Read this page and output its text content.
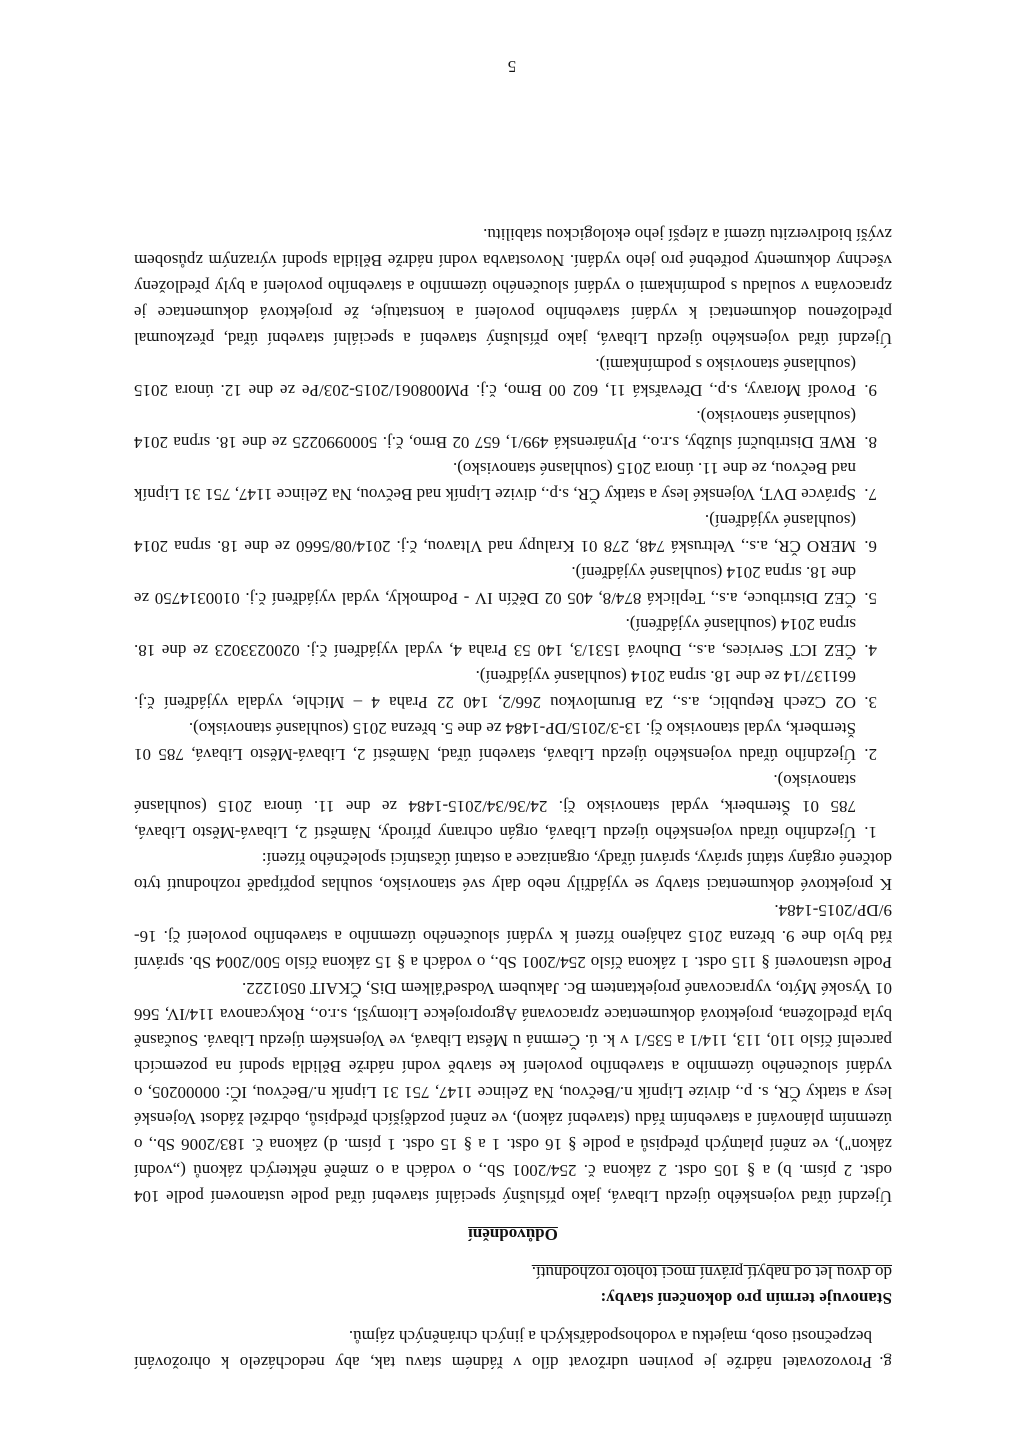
g.

Provozovatel nádrže je povinen udržovat dílo v řádném stavu tak, aby nedocházelo k ohrožování bezpečnosti osob, majetku a vodohospodářských a jiných chráněných zájmů.

Stanovuje termín pro dokončení stavby:

do dvou let od nabytí právní moci tohoto rozhodnutí.

Odůvodnění

Újezdní úřad vojenského újezdu Libavá, jako příslušný speciální stavební úřad podle ustanovení podle 104 odst. 2 písm. b) a § 105 odst. 2 zákona č. 254/2001 Sb., o vodách a o změně některých zákonů („vodní zákon"), ve znění platných předpisů a podle § 16 odst. 1 a § 15 odst. 1 písm. d) zákona č. 183/2006 Sb., o územním plánování a stavebním řádu (stavební zákon), ve znění pozdějších předpisů, obdržel žádost Vojenské lesy a statky ČR, s. p., divize Lipník n./Bečvou, Na Zelince 1147, 751 31 Lipník n./Bečvou, IČ: 00000205, o vydání sloučeného územního a stavebního povolení ke stavbě vodní nádrže Bělidla spodní na pozemcích parcelní číslo 110, 113, 114/1 a 535/1 v k. ú. Čermná u Města Libavá, ve Vojenském újezdu Libavá. Současně byla předložena, projektová dokumentace zpracovaná Agroprojekce Litomyšl, s.r.o., Rokycanova 114/IV, 566 01 Vysoké Mýto, vypracované projektantem Bc. Jakubem Vodseďálkem DiS, ČKAIT 0501222.

Podle ustanovení § 115 odst. 1 zákona číslo 254/2001 Sb., o vodách a § 15 zákona číslo 500/2004 Sb. správní řád bylo dne 9. března 2015 zahájeno řízení k vydání sloučeného územního a stavebního povolení čj. 16-9/DP/2015-1484.

K projektové dokumentaci stavby se vyjádřily nebo daly své stanovisko, souhlas popřípadě rozhodnutí tyto dotčené orgány státní správy, správní úřady, organizace a ostatní účastníci společného řízení:

1. Újezdního úřadu vojenského újezdu Libavá, orgán ochrany přírody, Náměstí 2, Libavá-Město Libavá, 785 01 Šternberk, vydal stanovisko čj. 24/36/34/2015-1484 ze dne 11. února 2015 (souhlasné stanovisko).
2. Újezdního úřadu vojenského újezdu Libavá, stavební úřad, Náměstí 2, Libavá-Město Libavá, 785 01 Šternberk, vydal stanovisko čj. 13-3/2015/DP-1484 ze dne 5. března 2015 (souhlasné stanovisko).
3. O2 Czech Republic, a.s., Za Brumlovkou 266/2, 140 22 Praha 4 – Michle, vydala vyjádření č.j. 661137/14 ze dne 18. srpna 2014 (souhlasné vyjádření).
4. ČEZ ICT Services, a.s., Duhová 1531/3, 140 53 Praha 4, vydal vyjádření č.j. 0200233023 ze dne 18. srpna 2014 (souhlasné vyjádření).
5. ČEZ Distribuce, a.s., Teplická 874/8, 405 02 Děčín IV - Podmokly, vydal vyjádření č.j. 0100314750 ze dne 18. srpna 2014 (souhlasné vyjádření).
6. MERO ČR, a.s., Veltruská 748, 278 01 Kralupy nad Vltavou, č.j. 2014/08/5660 ze dne 18. srpna 2014 (souhlasné vyjádření).
7. Správce DVT, Vojenské lesy a statky ČR, s.p., divize Lipník nad Bečvou, Na Zelince 1147, 751 31 Lipník nad Bečvou, ze dne 11. února 2015 (souhlasné stanovisko).
8. RWE Distribuční služby, s.r.o., Plynárenská 499/1, 657 02 Brno, č.j. 5000990225 ze dne 18. srpna 2014 (souhlasné stanovisko).
9. Povodí Moravy, s.p., Dřevařská 11, 602 00 Brno, č.j. PM008061/2015-203/Pe ze dne 12. února 2015 (souhlasné stanovisko s podmínkami).

Újezdní úřad vojenského újezdu Libavá, jako příslušný stavební a speciální stavební úřad, přezkoumal předloženou dokumentaci k vydání stavebního povolení a konstatuje, že projektová dokumentace je zpracována v souladu s podmínkami o vydání sloučeného územního a stavebního povolení a byly předloženy všechny dokumenty potřebné pro jeho vydání. Novostavba vodní nádrže Bělidla spodní výrazným způsobem zvýší biodiverzitu území a zlepší jeho ekologickou stabilitu.

5
